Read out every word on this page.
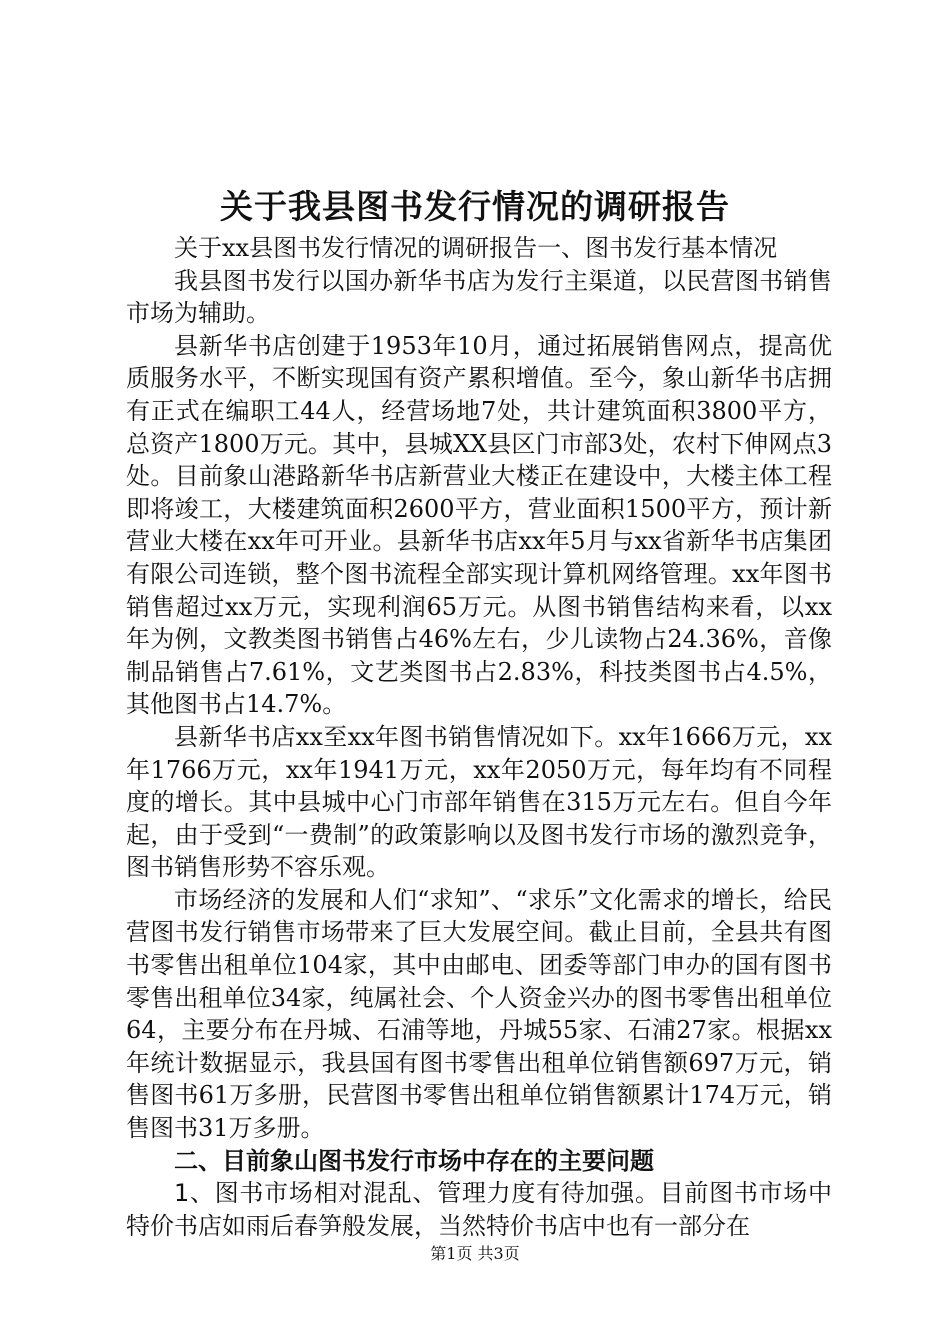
关于我县图书发行情况的调研报告

关于xx县图书发行情况的调研报告一、图书发行基本情况

我县图书发行以国办新华书店为发行主渠道，以民营图书销售市场为辅助。

县新华书店创建于1953年10月，通过拓展销售网点，提高优质服务水平，不断实现国有资产累积增值。至今，象山新华书店拥有正式在编职工44人，经营场地7处，共计建筑面积3800平方，总资产1800万元。其中，县城XX县区门市部3处，农村下伸网点3处。目前象山港路新华书店新营业大楼正在建设中，大楼主体工程即将竣工，大楼建筑面积2600平方，营业面积1500平方，预计新营业大楼在xx年可开业。县新华书店xx年5月与xx省新华书店集团有限公司连锁，整个图书流程全部实现计算机网络管理。xx年图书销售超过xx万元，实现利润65万元。从图书销售结构来看，以xx年为例，文教类图书销售占46%左右，少儿读物占24.36%，音像制品销售占7.61%，文艺类图书占2.83%，科技类图书占4.5%，其他图书占14.7%。

县新华书店xx至xx年图书销售情况如下。xx年1666万元，xx年1766万元，xx年1941万元，xx年2050万元，每年均有不同程度的增长。其中县城中心门市部年销售在315万元左右。但自今年起，由于受到“一费制”的政策影响以及图书发行市场的激烈竞争，图书销售形势不容乐观。

市场经济的发展和人们“求知”、“求乐”文化需求的增长，给民营图书发行销售市场带来了巨大发展空间。截止目前，全县共有图书零售出租单位104家，其中由邮电、团委等部门申办的国有图书零售出租单位34家，纯属社会、个人资金兴办的图书零售出租单位64，主要分布在丹城、石浦等地，丹城55家、石浦27家。根据xx年统计数据显示，我县国有图书零售出租单位销售额697万元，销售图书61万多册，民营图书零售出租单位销售额累计174万元，销售图书31万多册。

二、目前象山图书发行市场中存在的主要问题

1、图书市场相对混乱、管理力度有待加强。目前图书市场中特价书店如雨后春笋般发展，当然特价书店中也有一部分在

第1页 共3页
